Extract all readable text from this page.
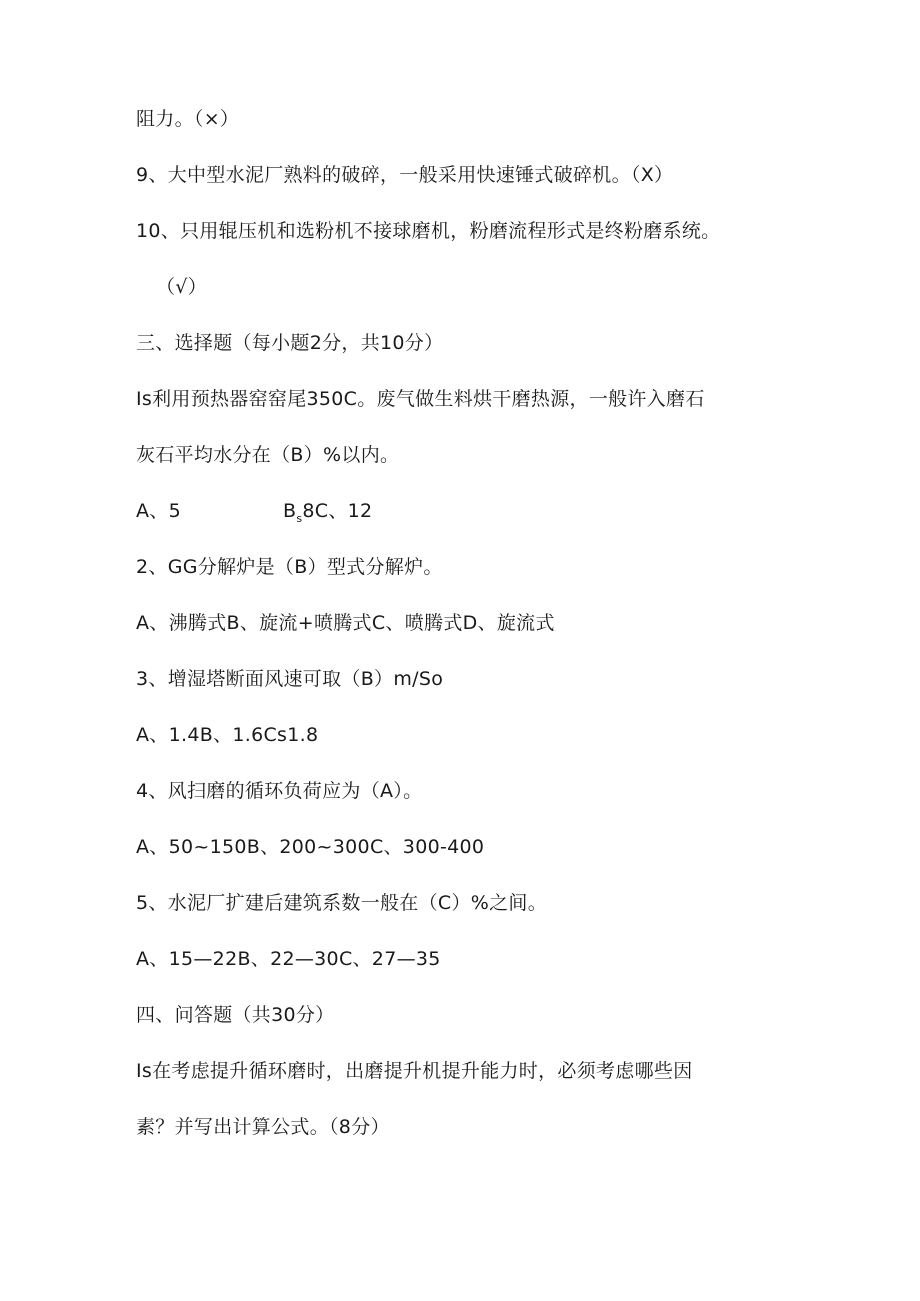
阻力。（×）
9、大中型水泥厂熟料的破碎，一般采用快速锤式破碎机。（X）
10、只用辊压机和选粉机不接球磨机，粉磨流程形式是终粉磨系统。
（√）
三、选择题（每小题2分，共10分）
Is利用预热器窑窑尾350C。废气做生料烘干磨热源，一般许入磨石
灰石平均水分在（B）%以内。
A、5	$B_s8C$、12
2、GG分解炉是（B）型式分解炉。
A、沸腾式B、旋流+喷腾式C、喷腾式D、旋流式
3、增湿塔断面风速可取（B）m/So
A、1.4B、1.6Cs1.8
4、风扫磨的循环负荷应为（A）。
A、50~150B、200~300C、300-400
5、水泥厂扩建后建筑系数一般在（C）%之间。
A、15—22B、22—30C、27—35
四、问答题（共30分）
Is在考虑提升循环磨时，出磨提升机提升能力时，必须考虑哪些因
素？并写出计算公式。（8分）
